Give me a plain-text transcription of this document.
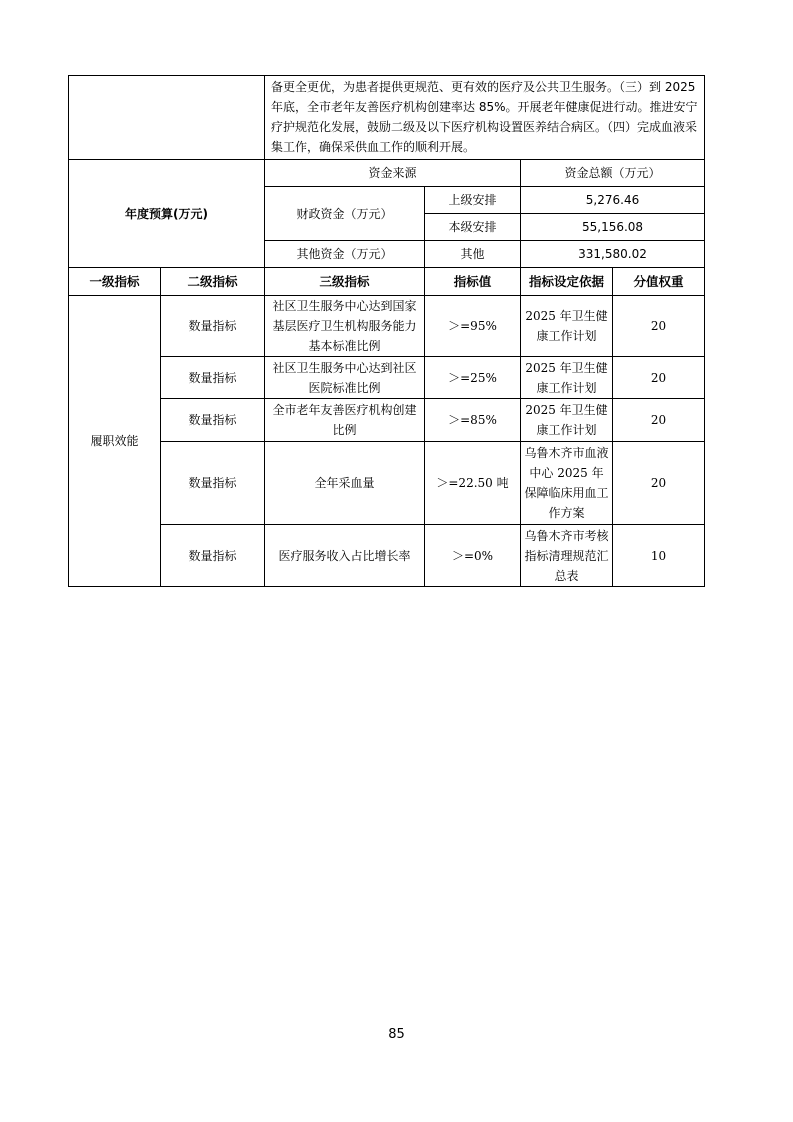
		备更全更优，为患者提供更规范、更有效的医疗及公共卫生服务。（三）到 2025 年底，全市老年友善医疗机构创建率达 85%。开展老年健康促进行动。推进安宁疗护规范化发展，鼓励二级及以下医疗机构设置医养结合病区。（四）完成血液采集工作，确保采供血工作的顺利开展。			
年度预算(万元)		资金来源		资金总额（万元）	
		财政资金（万元）	上级安排	5,276.46	
			本级安排	55,156.08	
		其他资金（万元）	其他	331,580.02	
一级指标	二级指标	三级指标	指标值	指标设定依据	分值权重
履职效能	数量指标	社区卫生服务中心达到国家基层医疗卫生机构服务能力基本标准比例	＞=95%	2025 年卫生健康工作计划	20
	数量指标	社区卫生服务中心达到社区医院标准比例	＞=25%	2025 年卫生健康工作计划	20
	数量指标	全市老年友善医疗机构创建比例	＞=85%	2025 年卫生健康工作计划	20
	数量指标	全年采血量	＞=22.50 吨	乌鲁木齐市血液中心 2025 年保障临床用血工作方案	20
	数量指标	医疗服务收入占比增长率	＞=0%	乌鲁木齐市考核指标清理规范汇总表	10
85
